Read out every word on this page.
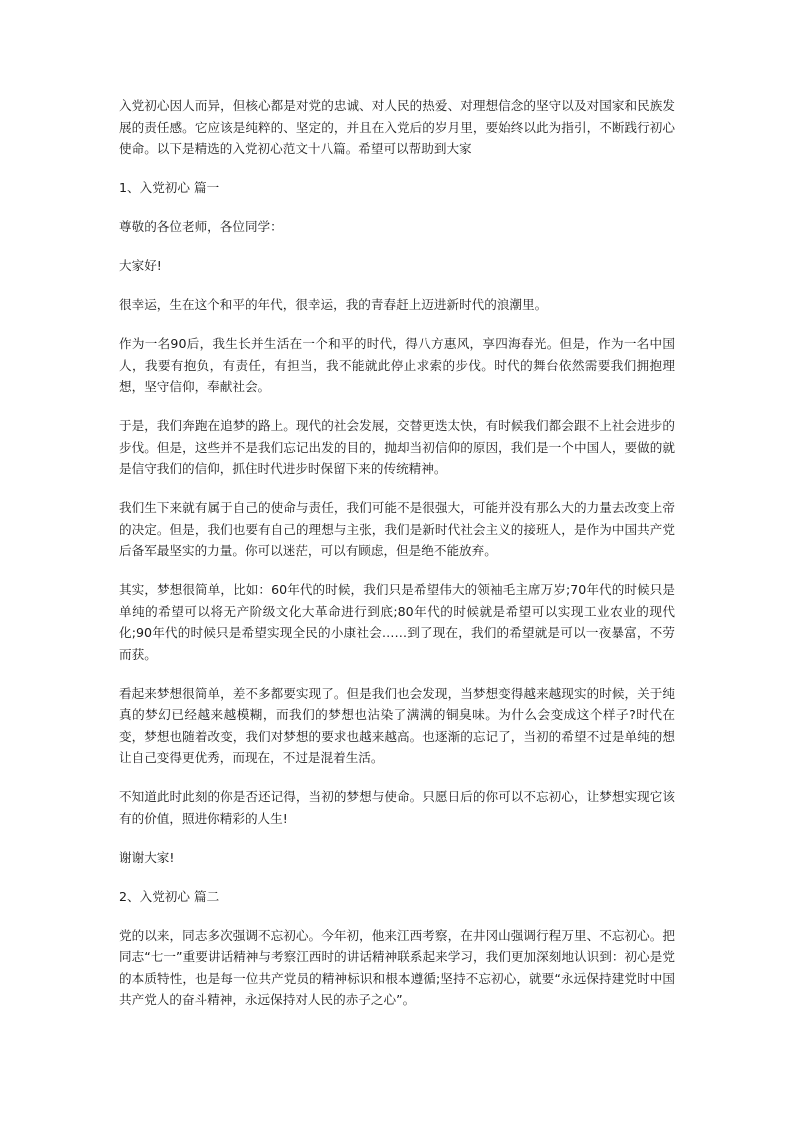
入党初心因人而异，但核心都是对党的忠诚、对人民的热爱、对理想信念的坚守以及对国家和民族发展的责任感。它应该是纯粹的、坚定的，并且在入党后的岁月里，要始终以此为指引，不断践行初心使命。以下是精选的入党初心范文十八篇。希望可以帮助到大家

1、入党初心 篇一

尊敬的各位老师，各位同学：

大家好!

很幸运，生在这个和平的年代，很幸运，我的青春赶上迈进新时代的浪潮里。

作为一名90后，我生长并生活在一个和平的时代，得八方惠风，享四海春光。但是，作为一名中国人，我要有抱负，有责任，有担当，我不能就此停止求索的步伐。时代的舞台依然需要我们拥抱理想，坚守信仰，奉献社会。

于是，我们奔跑在追梦的路上。现代的社会发展，交替更迭太快，有时候我们都会跟不上社会进步的步伐。但是，这些并不是我们忘记出发的目的，抛却当初信仰的原因，我们是一个中国人，要做的就是信守我们的信仰，抓住时代进步时保留下来的传统精神。

我们生下来就有属于自己的使命与责任，我们可能不是很强大，可能并没有那么大的力量去改变上帝的决定。但是，我们也要有自己的理想与主张，我们是新时代社会主义的接班人，是作为中国共产党后备军最坚实的力量。你可以迷茫，可以有顾虑，但是绝不能放弃。

其实，梦想很简单，比如：60年代的时候，我们只是希望伟大的领袖毛主席万岁;70年代的时候只是单纯的希望可以将无产阶级文化大革命进行到底;80年代的时候就是希望可以实现工业农业的现代化;90年代的时候只是希望实现全民的小康社会……到了现在，我们的希望就是可以一夜暴富，不劳而获。

看起来梦想很简单，差不多都要实现了。但是我们也会发现，当梦想变得越来越现实的时候，关于纯真的梦幻已经越来越模糊，而我们的梦想也沾染了满满的铜臭味。为什么会变成这个样子?时代在变，梦想也随着改变，我们对梦想的要求也越来越高。也逐渐的忘记了，当初的希望不过是单纯的想让自己变得更优秀，而现在，不过是混着生活。

不知道此时此刻的你是否还记得，当初的梦想与使命。只愿日后的你可以不忘初心，让梦想实现它该有的价值，照进你精彩的人生!

谢谢大家!

2、入党初心 篇二

党的以来，同志多次强调不忘初心。今年初，他来江西考察，在井冈山强调行程万里、不忘初心。把同志“七一”重要讲话精神与考察江西时的讲话精神联系起来学习，我们更加深刻地认识到：初心是党的本质特性，也是每一位共产党员的精神标识和根本遵循;坚持不忘初心，就要“永远保持建党时中国共产党人的奋斗精神，永远保持对人民的赤子之心”。
